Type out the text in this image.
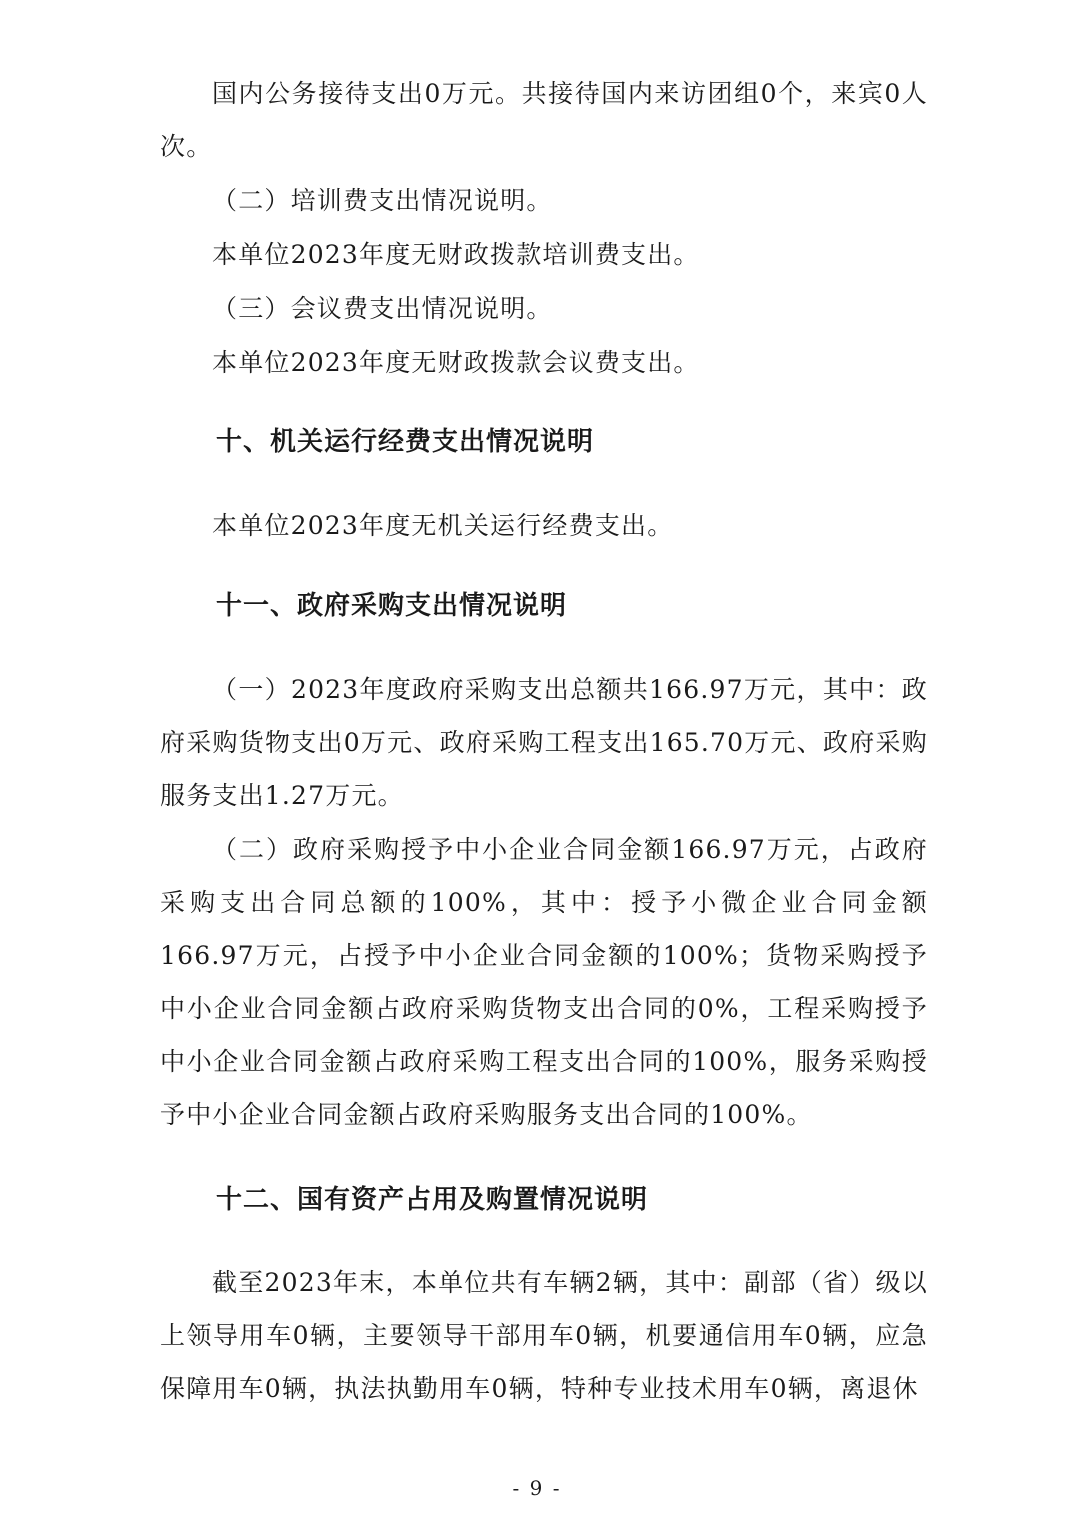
国内公务接待支出0万元。共接待国内来访团组0个，来宾0人次。

（二）培训费支出情况说明。

本单位2023年度无财政拨款培训费支出。

（三）会议费支出情况说明。

本单位2023年度无财政拨款会议费支出。

十、机关运行经费支出情况说明

本单位2023年度无机关运行经费支出。

十一、政府采购支出情况说明

（一）2023年度政府采购支出总额共166.97万元，其中：政府采购货物支出0万元、政府采购工程支出165.70万元、政府采购服务支出1.27万元。

（二）政府采购授予中小企业合同金额166.97万元，占政府采购支出合同总额的100%，其中：授予小微企业合同金额166.97万元，占授予中小企业合同金额的100%；货物采购授予中小企业合同金额占政府采购货物支出合同的0%，工程采购授予中小企业合同金额占政府采购工程支出合同的100%，服务采购授予中小企业合同金额占政府采购服务支出合同的100%。

十二、国有资产占用及购置情况说明

截至2023年末，本单位共有车辆2辆，其中：副部（省）级以上领导用车0辆，主要领导干部用车0辆，机要通信用车0辆，应急保障用车0辆，执法执勤用车0辆，特种专业技术用车0辆，离退休

- 9 -
